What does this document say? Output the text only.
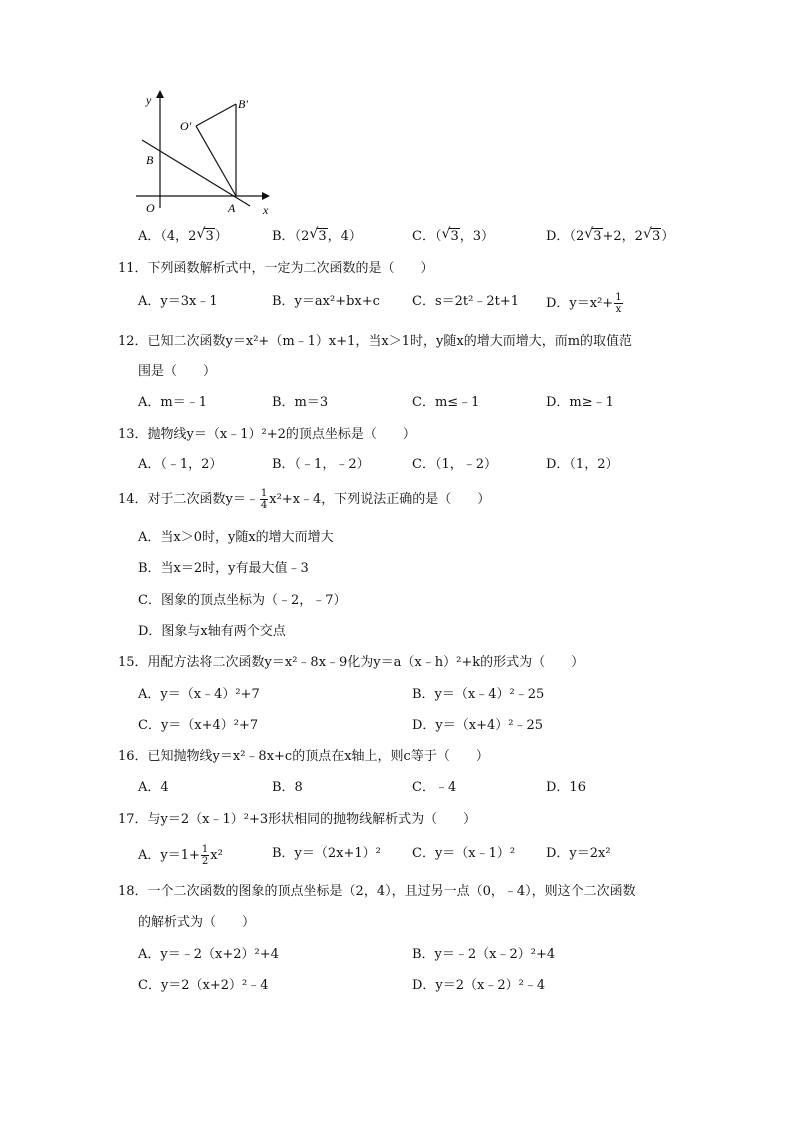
y
x
O	A
B
O′
B′
A．（4，2 √ 3）	B．（2 √ 3，4）	C．（ √ 3，3）	D．（2 √ 3+2，2 √ 3）
11．下列函数解析式中，一定为二次函数的是（　　）
A．y＝3x﹣1	B．y＝ax²+bx+c C．s＝2t²﹣2t+1 D．$y=x^2+ \frac{1}{x}$
12．已知二次函数y＝x²+（m﹣1）x+1，当x＞1时，y随x的增大而增大，而m的取值范
围是（　　）
A．m＝﹣1	B．m＝3	C．m≤﹣1	D．m≥﹣1
13．抛物线y＝（x﹣1）²+2的顶点坐标是（　　）
A．（﹣1，2）	B．（﹣1，﹣2）	C．（1，﹣2）	D．（1，2）
14．对于二次函数y＝﹣ $\frac{1}{4}$ x²+x﹣4，下列说法正确的是（　　）
A．当x＞0时，y随x的增大而增大
B．当x＝2时，y有最大值﹣3
C．图象的顶点坐标为（﹣2，﹣7）
D．图象与x轴有两个交点
15．用配方法将二次函数y＝x²﹣8x﹣9化为y＝a（x﹣h）²+k的形式为（　　）
A．y＝（x﹣4）²+7	B．y＝（x﹣4）²﹣25
C．y＝（x+4）²+7	D．y＝（x+4）²﹣25
16．已知抛物线y＝x²﹣8x+c的顶点在x轴上，则c等于（　　）
A．4	B．8	C．﹣4	D．16
17．与y＝2（x﹣1）²+3形状相同的抛物线解析式为（　　）
A．$y=1+ \frac{1}{2} x^2$	B．y＝（2x+1）² C．y＝（x﹣1）² D．y＝2x²
18．一个二次函数的图象的顶点坐标是（2，4），且过另一点（0，﹣4），则这个二次函数
的解析式为（　　）
A．y＝﹣2（x+2）²+4	B．y＝﹣2（x﹣2）²+4
C．y＝2（x+2）²﹣4	D．y＝2（x﹣2）²﹣4
